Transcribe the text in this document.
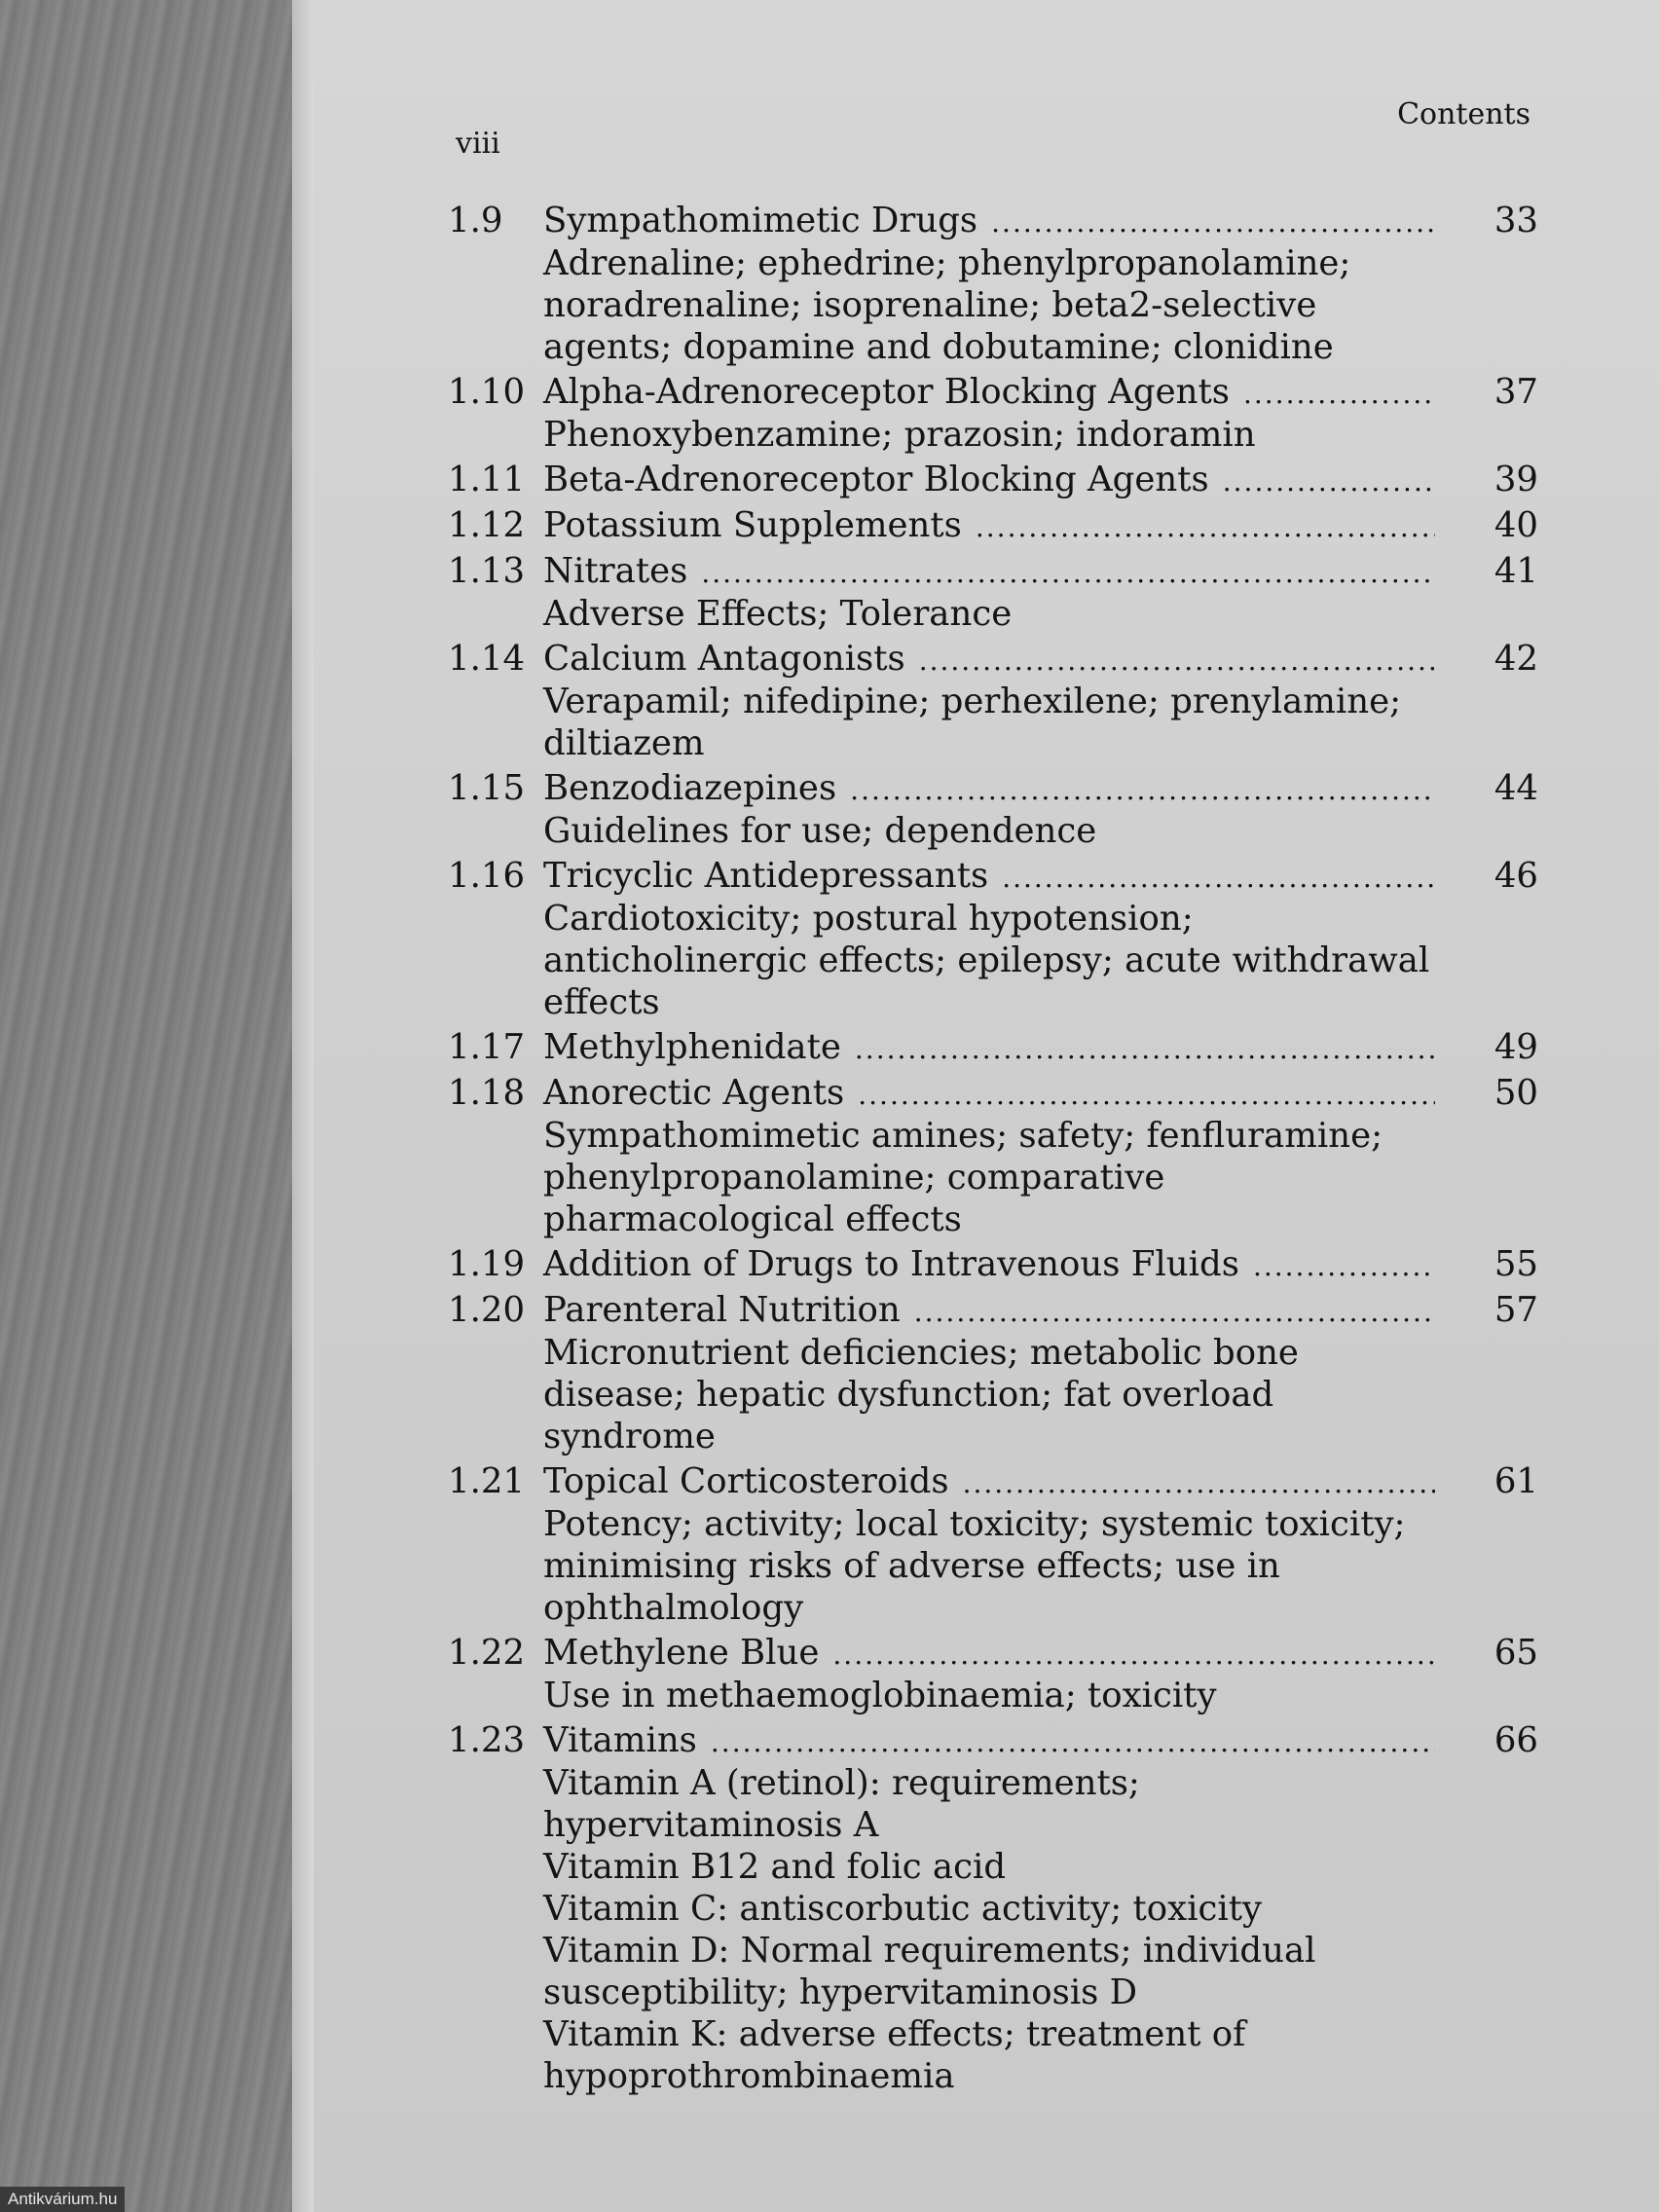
viii
Contents
1.9	Sympathomimetic Drugs .....	33
Adrenaline; ephedrine; phenylpropanolamine; noradrenaline; isoprenaline; beta2-selective agents; dopamine and dobutamine; clonidine
1.10 Alpha-Adrenoreceptor Blocking Agents .....	37
Phenoxybenzamine; prazosin; indoramin
1.11 Beta-Adrenoreceptor Blocking Agents .....	39
1.12 Potassium Supplements .....	40
1.13 Nitrates .....	41
Adverse Effects; Tolerance
1.14 Calcium Antagonists .....	42
Verapamil; nifedipine; perhexilene; prenylamine; diltiazem
1.15 Benzodiazepines .....	44
Guidelines for use; dependence
1.16 Tricyclic Antidepressants .....	46
Cardiotoxicity; postural hypotension; anticholinergic effects; epilepsy; acute withdrawal effects
1.17 Methylphenidate .....	49
1.18 Anorectic Agents .....	50
Sympathomimetic amines; safety; fenfluramine; phenylpropanolamine; comparative pharmacological effects
1.19 Addition of Drugs to Intravenous Fluids .....	55
1.20 Parenteral Nutrition .....	57
Micronutrient deficiencies; metabolic bone disease; hepatic dysfunction; fat overload syndrome
1.21 Topical Corticosteroids .....	61
Potency; activity; local toxicity; systemic toxicity; minimising risks of adverse effects; use in ophthalmology
1.22 Methylene Blue .....	65
Use in methaemoglobinaemia; toxicity
1.23 Vitamins .....	66
Vitamin A (retinol): requirements; hypervitaminosis A
Vitamin B12 and folic acid
Vitamin C: antiscorbutic activity; toxicity
Vitamin D: Normal requirements; individual susceptibility; hypervitaminosis D
Vitamin K: adverse effects; treatment of hypoprothrombinaemia
Antikvárium.hu
